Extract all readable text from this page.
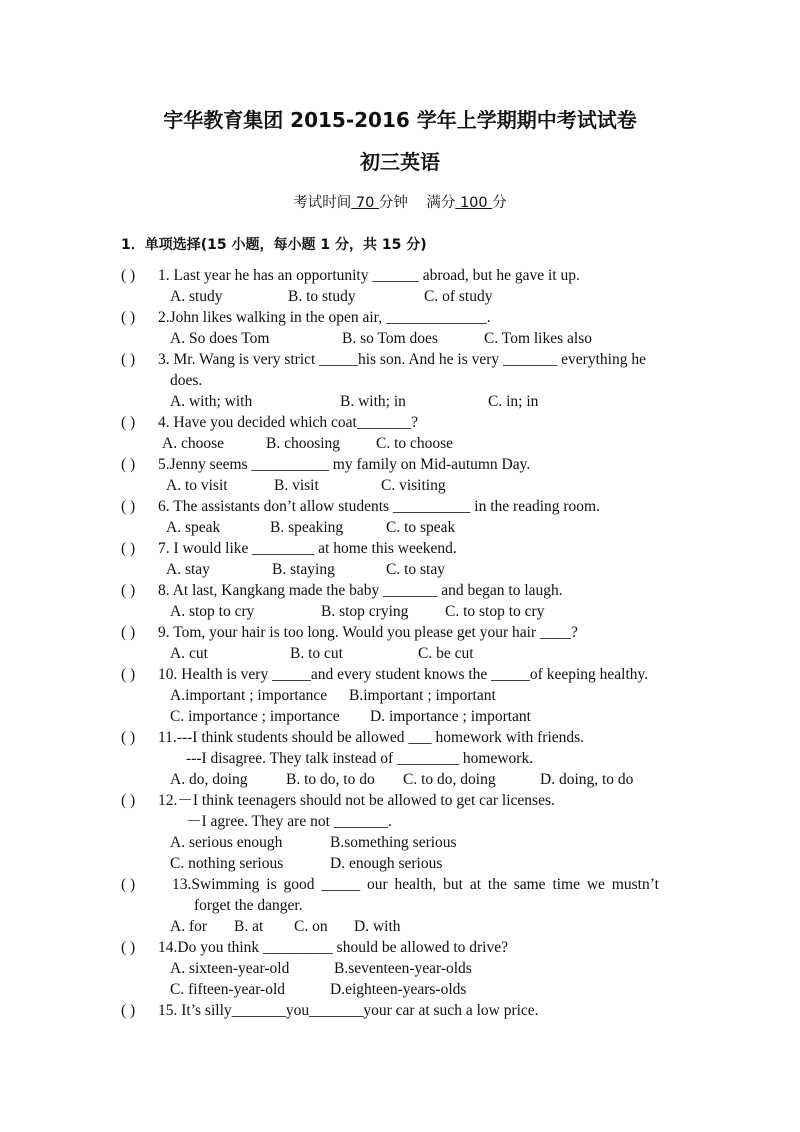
宇华教育集团 2015-2016 学年上学期期中考试试卷
初三英语
考试时间 70 分钟 满分 100 分
1．单项选择(15 小题，每小题 1 分，共 15 分)
( ) 1. Last year he has an opportunity ______ abroad, but he gave it up.
A. study	B. to study	C. of study
( ) 2.John likes walking in the open air, _____________.
A. So does Tom	B. so Tom does	C. Tom likes also
( ) 3. Mr. Wang is very strict _____his son. And he is very _______ everything he
does.
A. with; with	B. with; in	C. in; in
( ) 4. Have you decided which coat_______?
A. choose	B. choosing C. to choose
( ) 5.Jenny seems __________ my family on Mid-autumn Day.
A. to visit	B. visit	C. visiting
( ) 6. The assistants don’t allow students __________ in the reading room.
A. speak	B. speaking	C. to speak
( ) 7. I would like ________ at home this weekend.
A. stay	B. staying	C. to stay
( ) 8. At last, Kangkang made the baby _______ and began to laugh.
A. stop to cry	B. stop crying C. to stop to cry
( ) 9. Tom, your hair is too long. Would you please get your hair ____?
A. cut	B. to cut	C. be cut
( ) 10. Health is very _____and every student knows the _____of keeping healthy.
A.important ; importance B.important ; important
C. importance ; importance D. importance ; important
( ) 11.---I think students should be allowed ___ homework with friends.
---I disagree. They talk instead of ________ homework.
A. do, doing B. to do, to do C. to do, doing	D. doing, to do
( ) 12.－I think teenagers should not be allowed to get car licenses.
－I agree. They are not _______.
A. serious enough	B.something serious
C. nothing serious	D. enough serious
( ) 13.Swimming is good _____ our health, but at the same time we mustn’t
forget the danger.
A. for B. at C. on D. with
( ) 14.Do you think _________ should be allowed to drive?
A. sixteen-year-old	B.seventeen-year-olds
C. fifteen-year-old	D.eighteen-years-olds
( ) 15. It’s silly_______you_______your car at such a low price.
